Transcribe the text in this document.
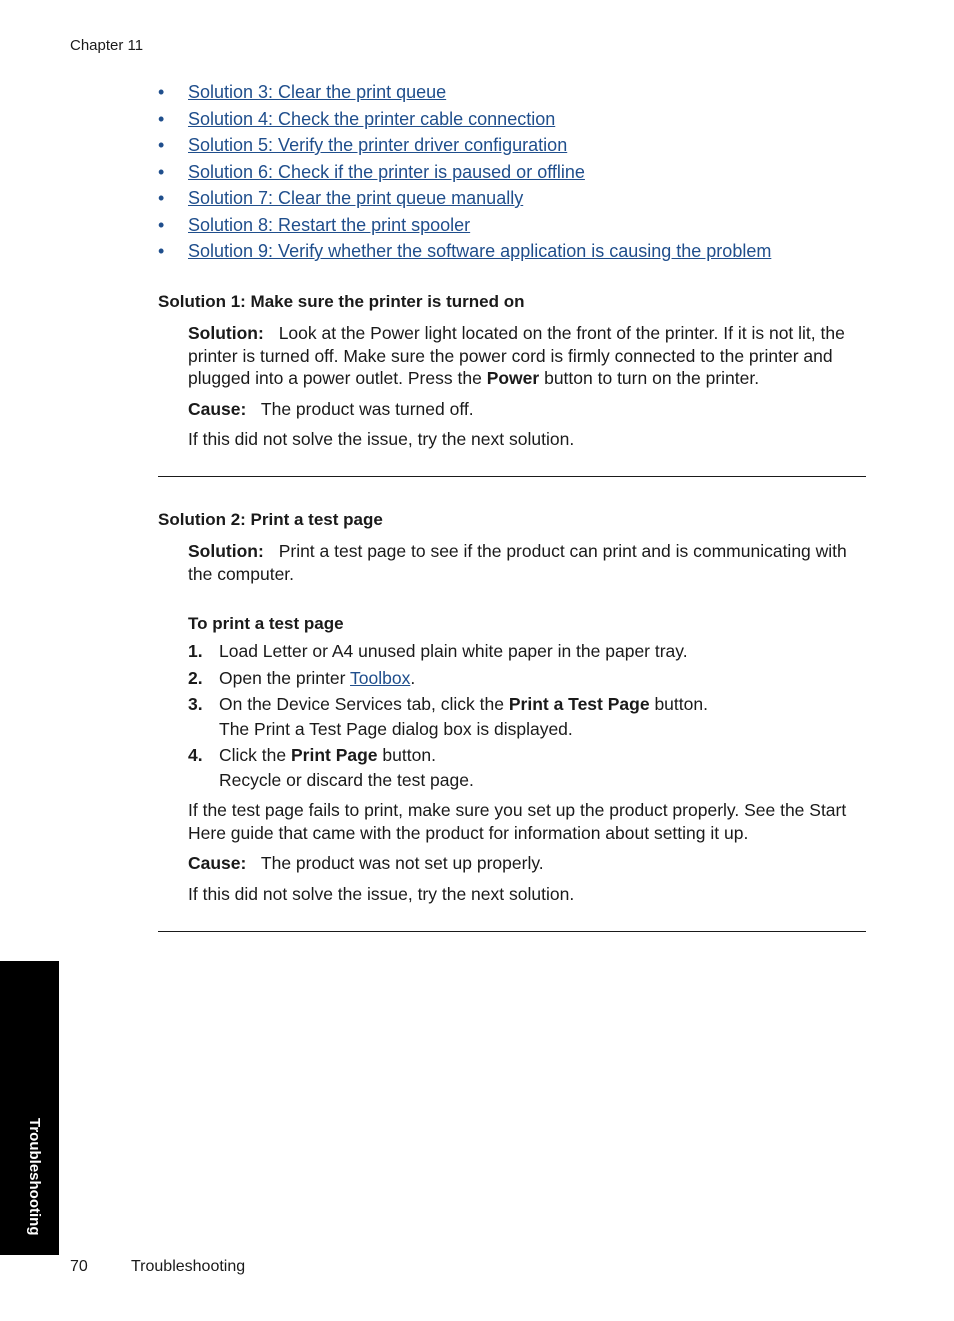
Chapter 11
• Solution 3: Clear the print queue
• Solution 4: Check the printer cable connection
• Solution 5: Verify the printer driver configuration
• Solution 6: Check if the printer is paused or offline
• Solution 7: Clear the print queue manually
• Solution 8: Restart the print spooler
• Solution 9: Verify whether the software application is causing the problem
Solution 1: Make sure the printer is turned on
Solution: Look at the Power light located on the front of the printer. If it is not lit, the printer is turned off. Make sure the power cord is firmly connected to the printer and plugged into a power outlet. Press the Power button to turn on the printer.
Cause: The product was turned off.
If this did not solve the issue, try the next solution.
Solution 2: Print a test page
Solution: Print a test page to see if the product can print and is communicating with the computer.
To print a test page
1. Load Letter or A4 unused plain white paper in the paper tray.
2. Open the printer Toolbox.
3. On the Device Services tab, click the Print a Test Page button.
The Print a Test Page dialog box is displayed.
4. Click the Print Page button.
Recycle or discard the test page.
If the test page fails to print, make sure you set up the product properly. See the Start Here guide that came with the product for information about setting it up.
Cause: The product was not set up properly.
If this did not solve the issue, try the next solution.
Troubleshooting
70	Troubleshooting
